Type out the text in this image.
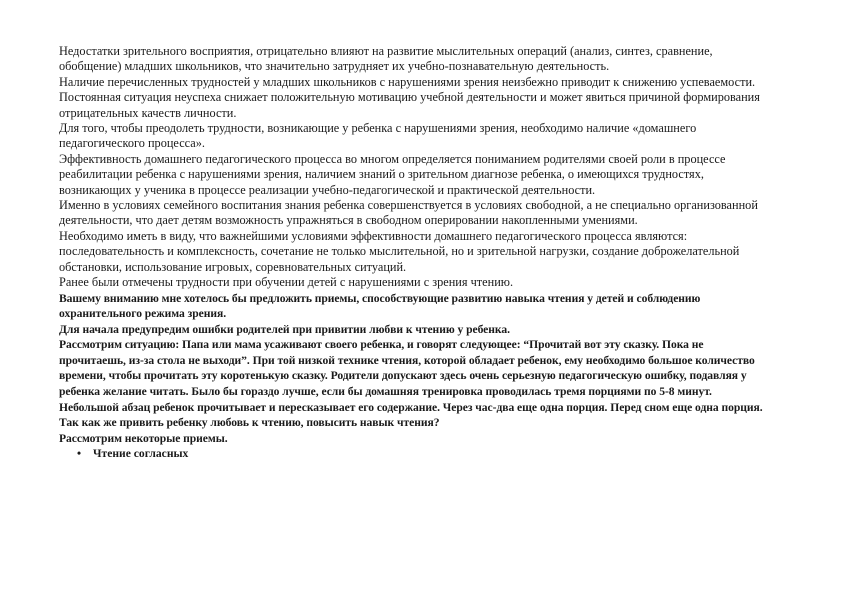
Недостатки зрительного восприятия, отрицательно влияют на развитие мыслительных операций (анализ, синтез, сравнение, обобщение) младших школьников, что значительно затрудняет их учебно-познавательную деятельность.

Наличие перечисленных трудностей у младших школьников с нарушениями зрения неизбежно приводит к снижению успеваемости. Постоянная ситуация неуспеха снижает положительную мотивацию учебной деятельности и может явиться причиной формирования отрицательных качеств личности.

Для того, чтобы преодолеть трудности, возникающие у ребенка с нарушениями зрения, необходимо наличие «домашнего педагогического процесса».

Эффективность домашнего педагогического процесса во многом определяется пониманием родителями своей роли в процессе реабилитации ребенка с нарушениями зрения, наличием знаний о зрительном диагнозе ребенка, о имеющихся трудностях, возникающих у ученика в процессе реализации учебно-педагогической и практической деятельности.

Именно в условиях семейного воспитания знания ребенка совершенствуется в условиях свободной, а не специально организованной деятельности, что дает детям возможность упражняться в свободном оперировании накопленными умениями.

Необходимо иметь в виду, что важнейшими условиями эффективности домашнего педагогического процесса являются: последовательность и комплексность, сочетание не только мыслительной, но и зрительной нагрузки, создание доброжелательной обстановки, использование игровых, соревновательных ситуаций.

Ранее были отмечены трудности при обучении детей с нарушениями с зрения чтению.

Вашему вниманию мне хотелось бы предложить приемы, способствующие развитию навыка чтения у детей и соблюдению охранительного режима зрения.

Для начала предупредим ошибки родителей при привитии любви к чтению у ребенка.

Рассмотрим ситуацию: Папа или мама усаживают своего ребенка, и говорят следующее: “Прочитай вот эту сказку. Пока не прочитаешь, из-за стола не выходи”. При той низкой технике чтения, которой обладает ребенок, ему необходимо большое количество времени, чтобы прочитать эту коротенькую сказку. Родители допускают здесь очень серьезную педагогическую ошибку, подавляя у ребенка желание читать. Было бы гораздо лучше, если бы домашняя тренировка проводилась тремя порциями по 5-8 минут. Небольшой абзац ребенок прочитывает и пересказывает его содержание. Через час-два еще одна порция. Перед сном еще одна порция.

Так как же привить ребенку любовь к чтению, повысить навык чтения?

Рассмотрим некоторые приемы.

• Чтение согласных
